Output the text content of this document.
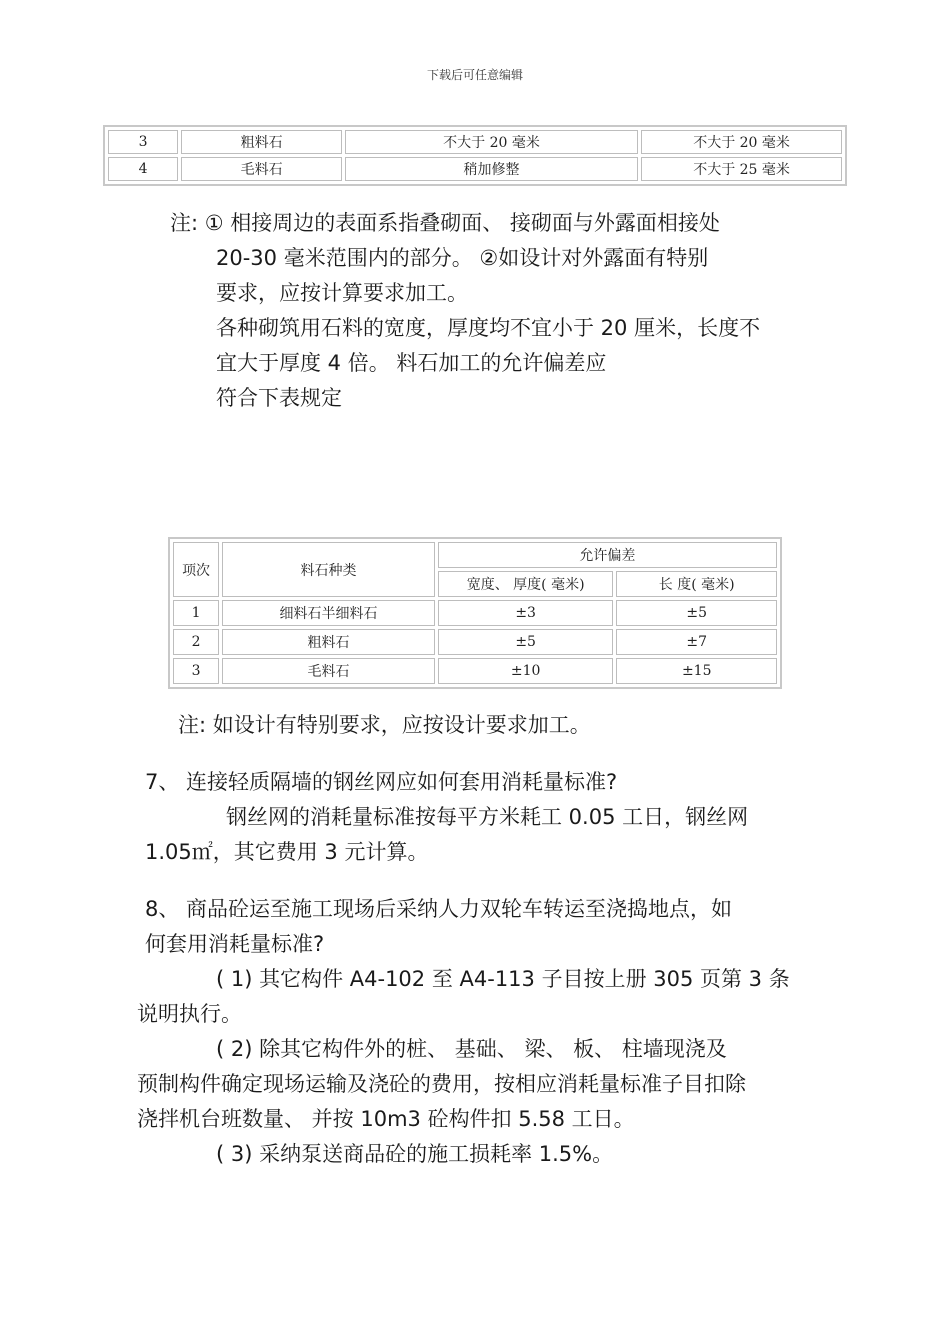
下载后可任意编辑
3	粗料石	不大于 20 毫米	不大于 20 毫米
4	毛料石	稍加修整	不大于 25 毫米
注: ① 相接周边的表面系指叠砌面、 接砌面与外露面相接处
20-30 毫米范围内的部分。 ②如设计对外露面有特别
要求，应按计算要求加工。
各种砌筑用石料的宽度，厚度均不宜小于 20 厘米，长度不
宜大于厚度 4 倍。 料石加工的允许偏差应
符合下表规定
项次	料石种类	允许偏差	
		宽度、 厚度( 毫米)	长 度( 毫米)
1	细料石半细料石	±3	±5
2	粗料石	±5	±7
3	毛料石	±10	±15
注: 如设计有特别要求，应按设计要求加工。
7、 连接轻质隔墙的钢丝网应如何套用消耗量标准?
钢丝网的消耗量标准按每平方米耗工 0.05 工日，钢丝网
1.05㎡，其它费用 3 元计算。
8、 商品砼运至施工现场后采纳人力双轮车转运至浇捣地点，如
何套用消耗量标准?
( 1) 其它构件 A4-102 至 A4-113 子目按上册 305 页第 3 条
说明执行。
( 2) 除其它构件外的桩、 基础、 梁、 板、 柱墙现浇及
预制构件确定现场运输及浇砼的费用，按相应消耗量标准子目扣除
浇拌机台班数量、 并按 10m3 砼构件扣 5.58 工日。
( 3) 采纳泵送商品砼的施工损耗率 1.5%。
